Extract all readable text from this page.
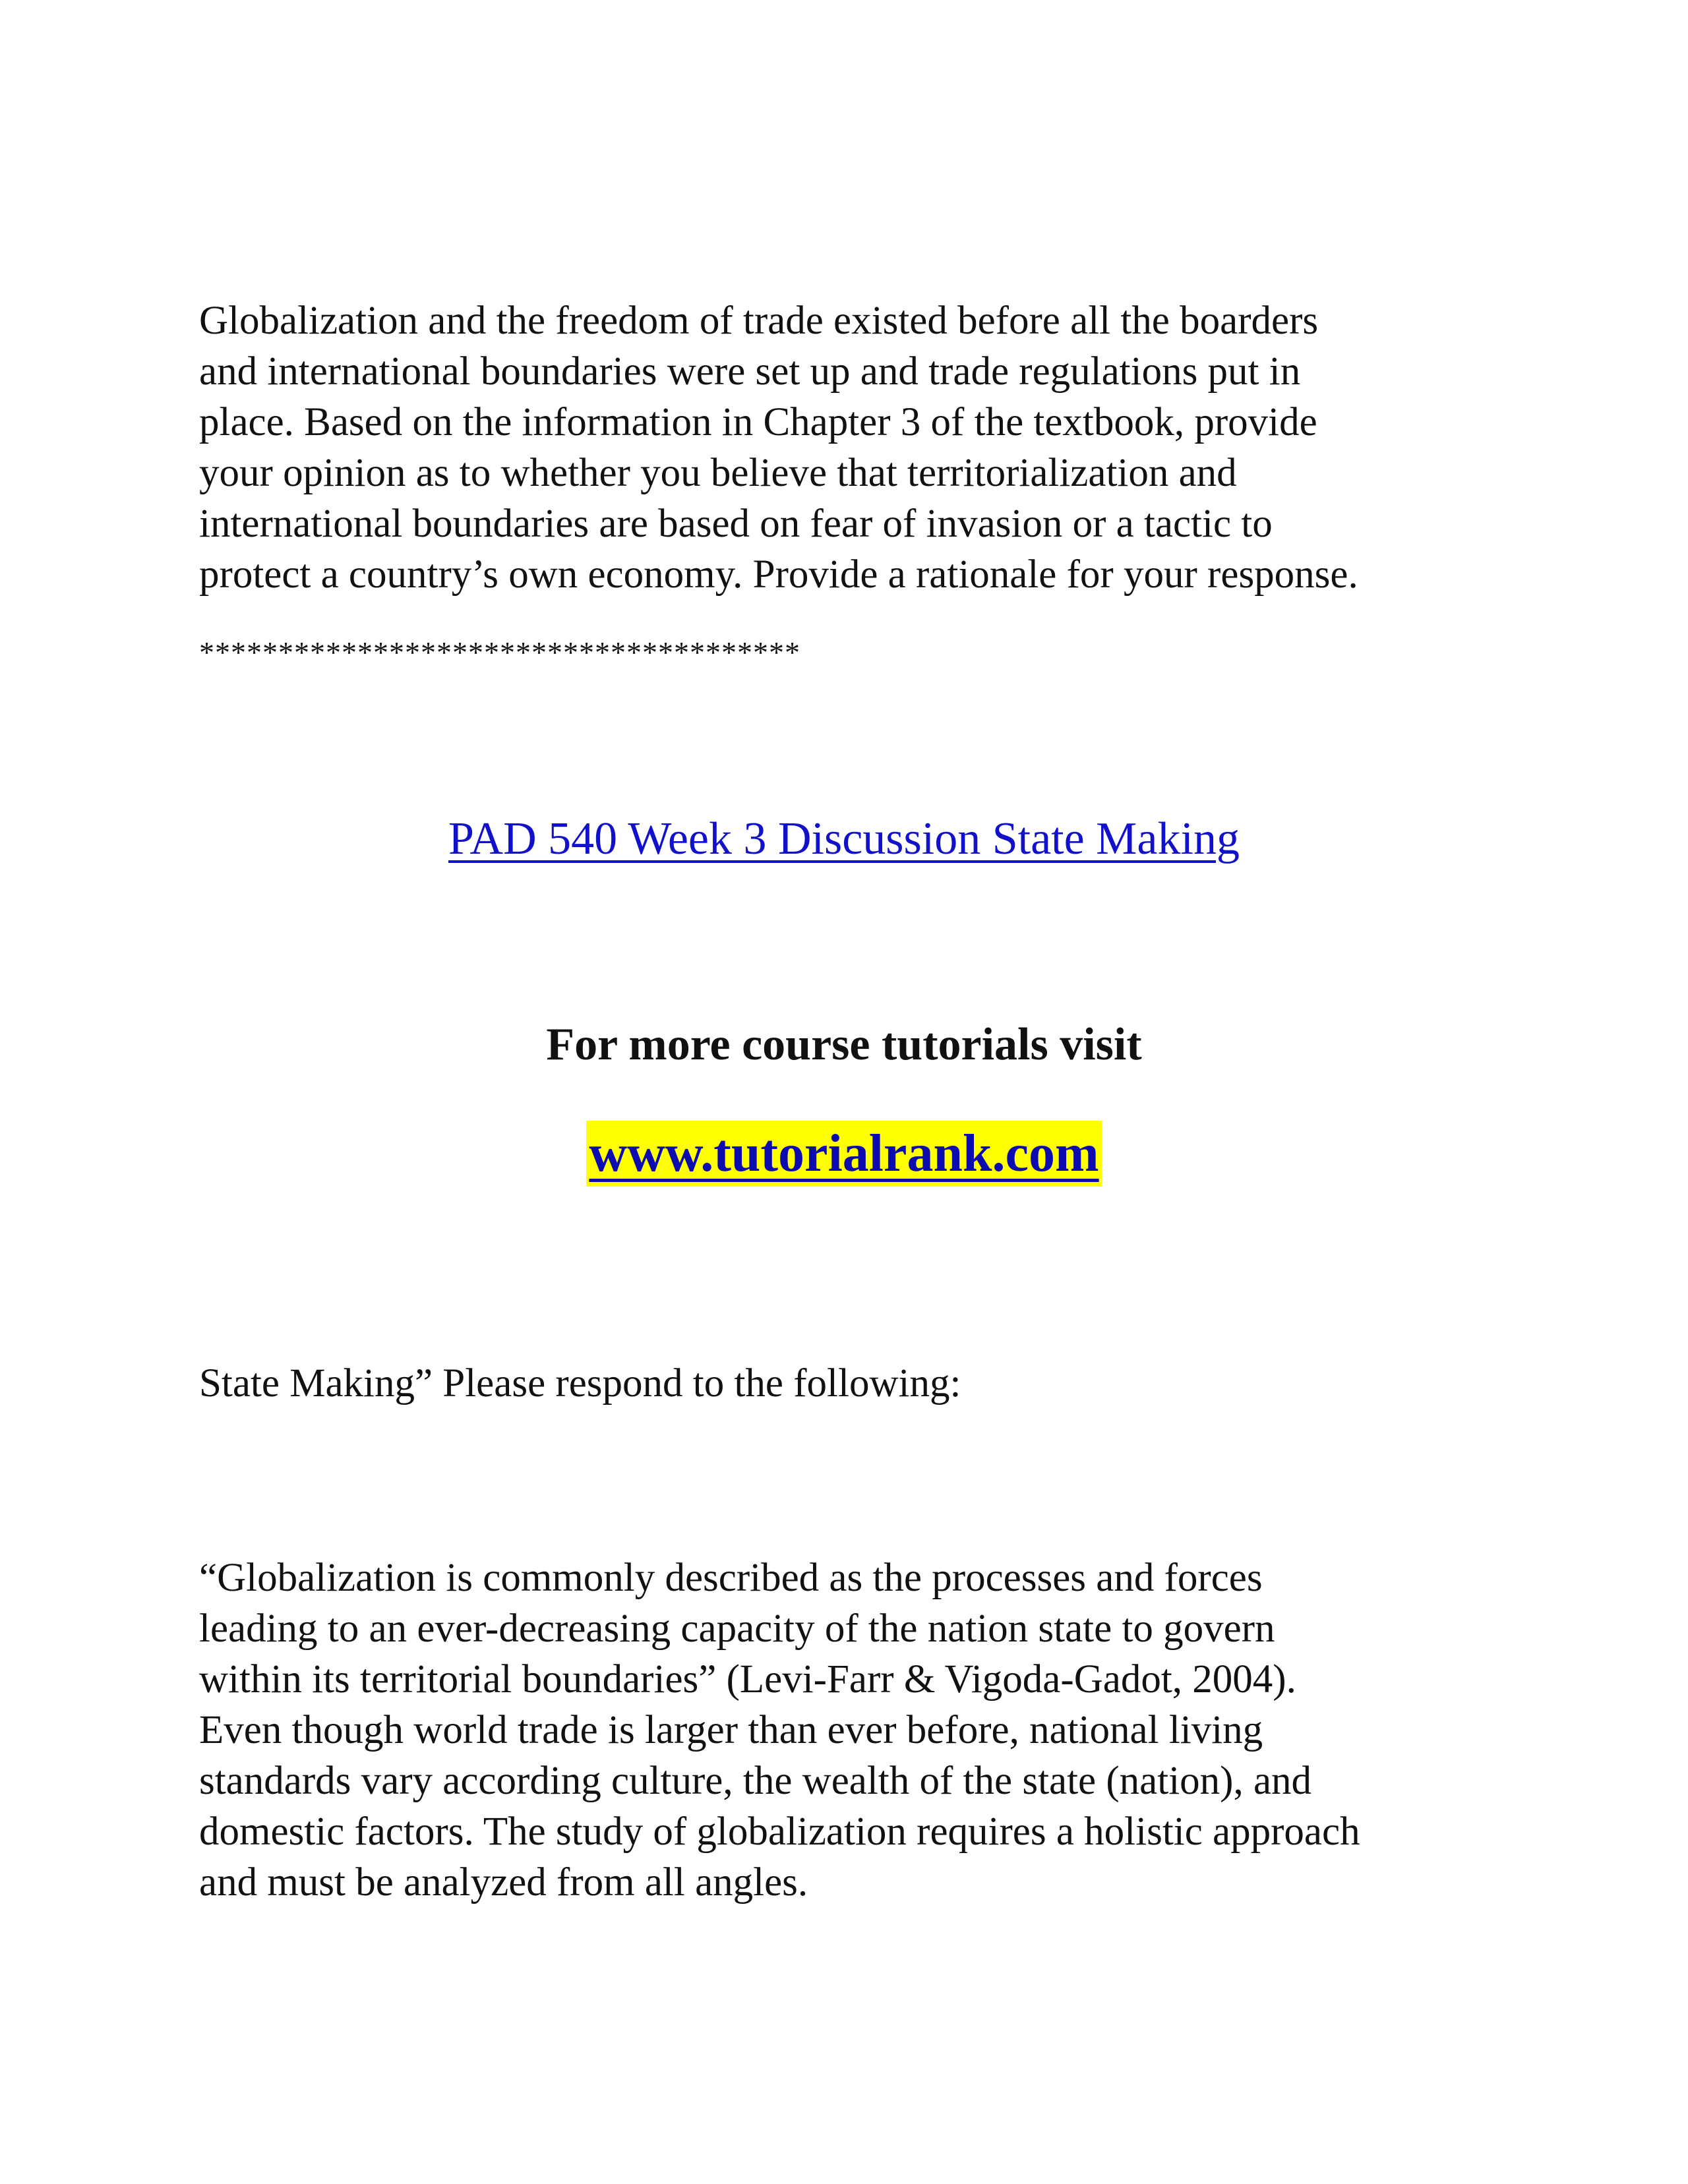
Globalization and the freedom of trade existed before all the boarders
and international boundaries were set up and trade regulations put in
place. Based on the information in Chapter 3 of the textbook, provide
your opinion as to whether you believe that territorialization and
international boundaries are based on fear of invasion or a tactic to
protect a country’s own economy. Provide a rationale for your response.

**************************************

PAD 540 Week 3 Discussion State Making

For more course tutorials visit

www.tutorialrank.com

State Making” Please respond to the following:

“Globalization is commonly described as the processes and forces
leading to an ever-decreasing capacity of the nation state to govern
within its territorial boundaries” (Levi-Farr & Vigoda-Gadot, 2004).
Even though world trade is larger than ever before, national living
standards vary according culture, the wealth of the state (nation), and
domestic factors. The study of globalization requires a holistic approach
and must be analyzed from all angles.
